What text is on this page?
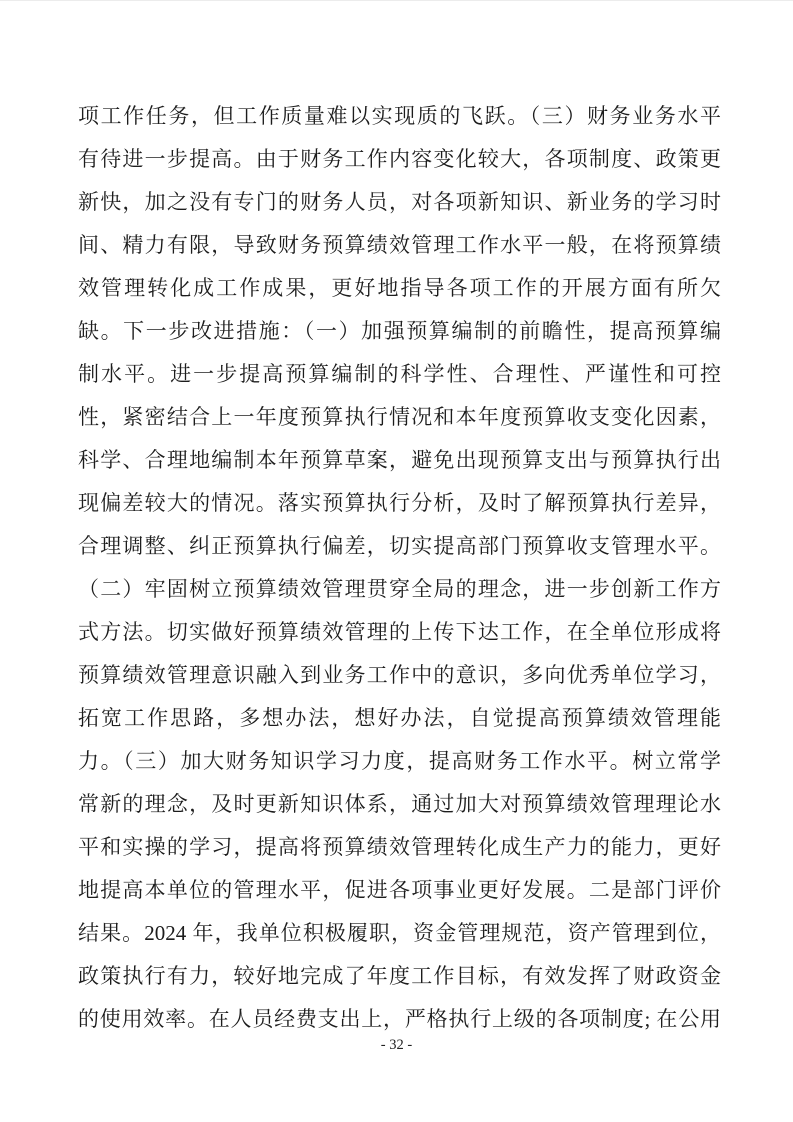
项工作任务，但工作质量难以实现质的飞跃。（三）财务业务水平
有待进一步提高。由于财务工作内容变化较大，各项制度、政策更
新快，加之没有专门的财务人员，对各项新知识、新业务的学习时
间、精力有限，导致财务预算绩效管理工作水平一般，在将预算绩
效管理转化成工作成果，更好地指导各项工作的开展方面有所欠
缺。下一步改进措施：（一）加强预算编制的前瞻性，提高预算编
制水平。进一步提高预算编制的科学性、合理性、严谨性和可控
性，紧密结合上一年度预算执行情况和本年度预算收支变化因素，
科学、合理地编制本年预算草案，避免出现预算支出与预算执行出
现偏差较大的情况。落实预算执行分析，及时了解预算执行差异，
合理调整、纠正预算执行偏差，切实提高部门预算收支管理水平。
（二）牢固树立预算绩效管理贯穿全局的理念，进一步创新工作方
式方法。切实做好预算绩效管理的上传下达工作，在全单位形成将
预算绩效管理意识融入到业务工作中的意识，多向优秀单位学习，
拓宽工作思路，多想办法，想好办法，自觉提高预算绩效管理能
力。（三）加大财务知识学习力度，提高财务工作水平。树立常学
常新的理念，及时更新知识体系，通过加大对预算绩效管理理论水
平和实操的学习，提高将预算绩效管理转化成生产力的能力，更好
地提高本单位的管理水平，促进各项事业更好发展。二是部门评价
结果。2024 年，我单位积极履职，资金管理规范，资产管理到位，
政策执行有力，较好地完成了年度工作目标，有效发挥了财政资金
的使用效率。在人员经费支出上，严格执行上级的各项制度; 在公用
- 32 -
